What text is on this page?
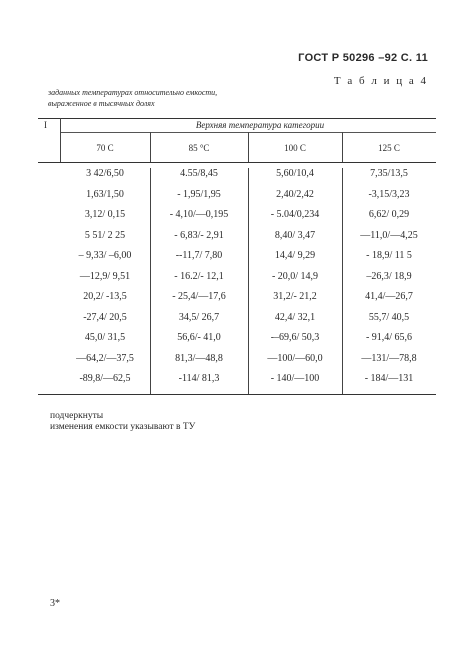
ГОСТ Р 50296 –92 С. 11
Т а б л и ц а 4
заданных температурах относительно емкости,
выраженное в тысячных долях
I	Верхняя температура категории
70 С	85 °С	100 С	125 С
3 42/6,50	4.55/8,45	5,60/10,4	7,35/13,5
1,63/1,50	- 1,95/1,95	2,40/2,42	-3,15/3,23
3,12/ 0,15	- 4,10/—0,195	- 5.04/0,234	6,62/ 0,29
5 51/ 2 25	- 6,83/- 2,91	8,40/ 3,47	—11,0/—4,25
– 9,33/ –6,00	--11,7/ 7,80	14,4/ 9,29	- 18,9/ 11 5
—12,9/ 9,51	- 16.2/- 12,1	- 20,0/ 14,9	–26,3/ 18,9
20,2/ -13,5	- 25,4/—17,6	31,2/- 21,2	41,4/—26,7
-27,4/ 20,5	34,5/ 26,7	42,4/ 32,1	55,7/ 40,5
45,0/ 31,5	56,6/- 41,0	-–69,6/ 50,3	- 91,4/ 65,6
—64,2/—37,5	81,3/—48,8	—100/—60,0	—131/—78,8
-89,8/—62,5	-114/ 81,3	- 140/—100	- 184/—131
подчеркнуты
изменения емкости указывают в ТУ
3*
